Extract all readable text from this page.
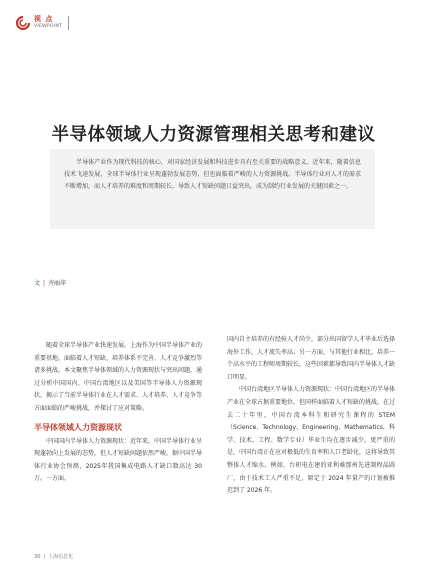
视 点
VIEWPOINT
半导体领域人力资源管理相关思考和建议

半导体产业作为现代科技的核心，对国家经济发展和科技进步具有至关重要的战略意义。近年来，随着信息技术飞速发展，全球半导体行业呈现蓬勃发展态势，但也面临着严峻的人力资源挑战。半导体行业对人才的需求不断增加，而人才培养的难度和周期较长，导致人才短缺问题日益突出，成为制约行业发展的关键因素之一。

文 | 齐丽萍

随着全球半导体产业快速发展，上海作为中国半导体产业的重要基地，面临着人才短缺、培养体系不完善、人才竞争激烈等诸多挑战。本文聚焦半导体领域的人力资源现状与突出问题，通过分析中国国内、中国台湾地区以及美国等半导体人力资源现状，揭示了当前半导体行业在人才需求、人才培养、人才竞争等方面面临的严峻挑战，并探讨了应对策略。

半导体领域人力资源现状

中国国内半导体人力资源现状：近年来，中国半导体行业呈现蓬勃向上发展的态势，但人才短缺问题依然严峻。据中国半导体行业协会预测，2025年我国集成电路人才缺口数高达 30万。一方面，

国内自主培养的有经验人才尚少，部分出国留学人才毕业后选择海外工作，人才流失率高；另一方面，与其他行业相比，培养一个高水平的工程师周期较长，这些因素都导致国内半导体人才缺口明显。

中国台湾地区半导体人力资源现状：中国台湾地区的半导体产业在全球占据重要地位，但同样面临着人才短缺的挑战。在过去二十年里，中国台湾本科生和研究生课程的 STEM（Science、Technology、Engineering、Mathematics，科学、技术、工程、数学专业）毕业生均在逐步减少。更严重的是，中国台湾正在应对极低的生育率和人口老龄化，这将导致其整体人才缩水。例如，台积电在建的亚利桑那州先进制程晶圆厂，由于技术工人严重不足，原定于 2024 年量产的计划被推迟到了 2026 年。

30 | 上海信息化
